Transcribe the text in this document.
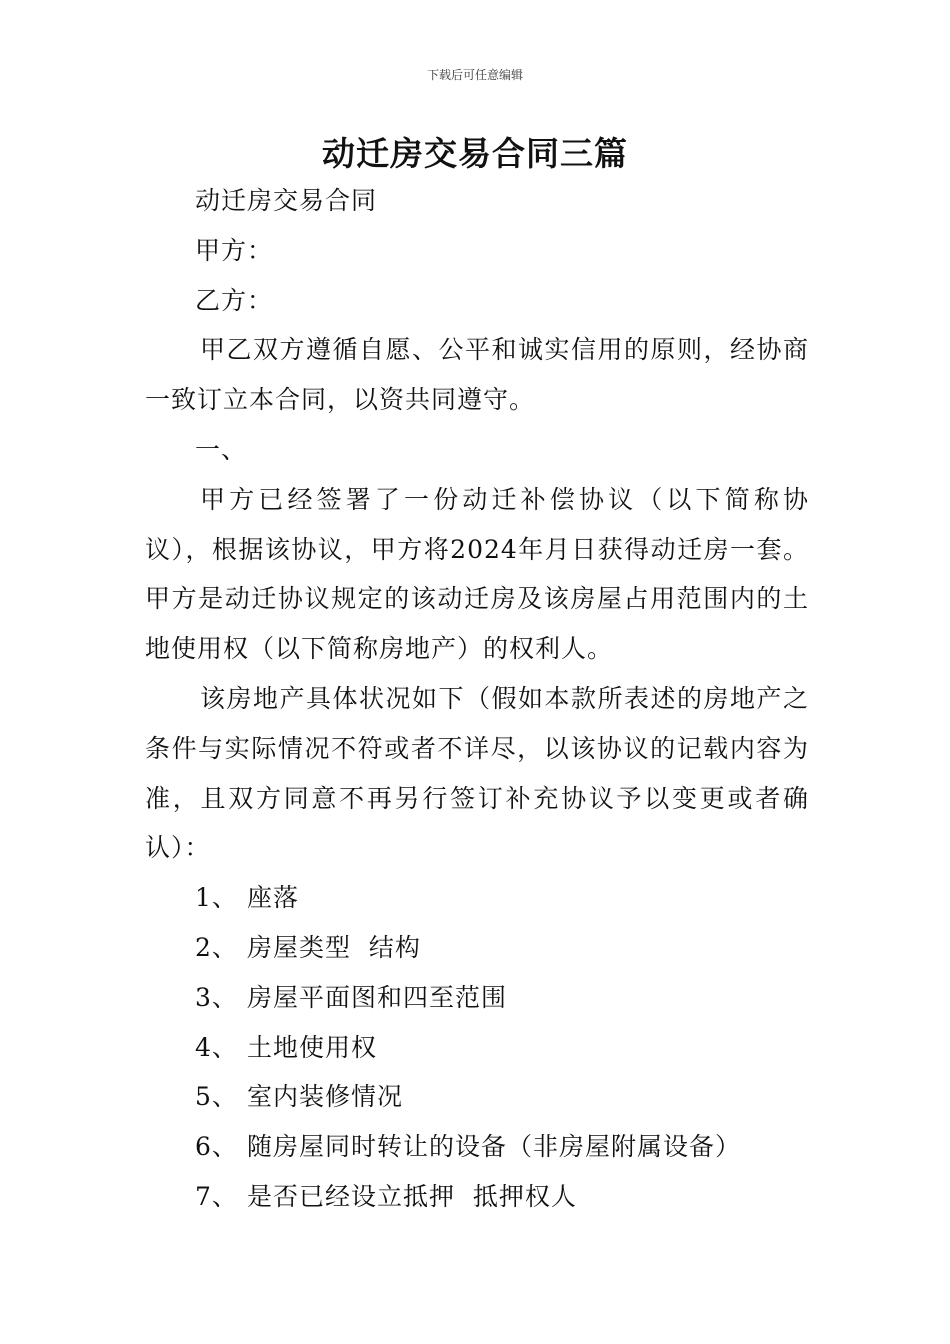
下载后可任意编辑
动迁房交易合同三篇

动迁房交易合同

甲方：

乙方：

甲乙双方遵循自愿、公平和诚实信用的原则，经协商一致订立本合同，以资共同遵守。

一、

甲方已经签署了一份动迁补偿协议（以下简称协议），根据该协议，甲方将2024年月日获得动迁房一套。甲方是动迁协议规定的该动迁房及该房屋占用范围内的土地使用权（以下简称房地产）的权利人。

该房地产具体状况如下（假如本款所表述的房地产之条件与实际情况不符或者不详尽，以该协议的记载内容为准，且双方同意不再另行签订补充协议予以变更或者确认）：

1、 座落

2、 房屋类型  结构

3、 房屋平面图和四至范围

4、 土地使用权

5、 室内装修情况

6、 随房屋同时转让的设备（非房屋附属设备）

7、 是否已经设立抵押  抵押权人
